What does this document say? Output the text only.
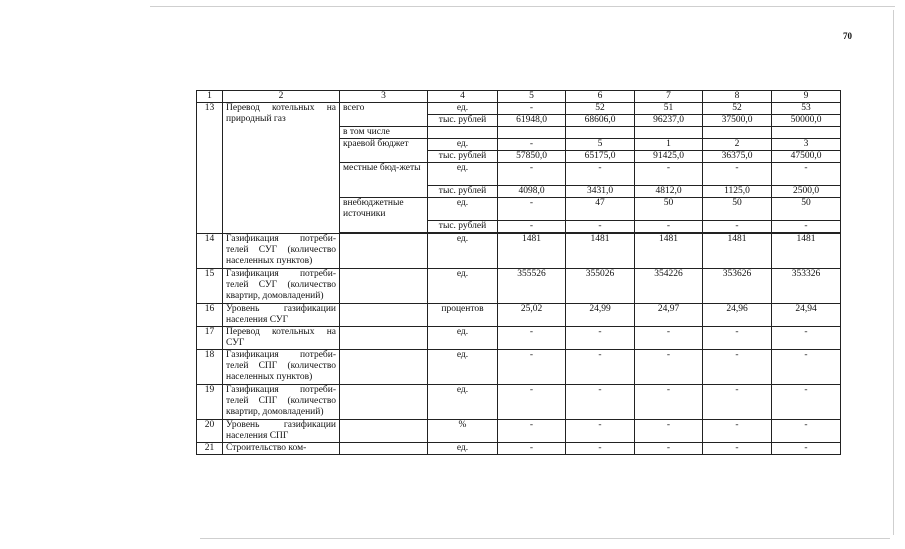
70
1	2	3	4	5	6	7	8	9
13	Перевод котельных на природный газ	всего	ед.	-	52	51	52	53
			тыс. рублей	61948,0	68606,0	96237,0	37500,0	50000,0
		в том числе						
		краевой бюджет	ед.	-	5	1	2	3
			тыс. рублей	57850,0	65175,0	91425,0	36375,0	47500,0
		местные бюд-жеты	ед.	-	-	-	-	-
			тыс. рублей	4098,0	3431,0	4812,0	1125,0	2500,0
		внебюджетные источники	ед.	-	47	50	50	50
			тыс. рублей	-	-	-	-	-

14	Газификация потреби-телей СУГ (количество населенных пунктов)		ед.	1481	1481	1481	1481	1481
15	Газификация потреби-телей СУГ (количество квартир, домовладений)		ед.	355526	355026	354226	353626	353326
16	Уровень газификации населения СУГ		процентов	25,02	24,99	24,97	24,96	24,94
17	Перевод котельных на СУГ		ед.	-	-	-	-	-
18	Газификация потреби-телей СПГ (количество населенных пунктов)		ед.	-	-	-	-	-
19	Газификация потреби-телей СПГ (количество квартир, домовладений)		ед.	-	-	-	-	-
20	Уровень газификации населения СПГ		%	-	-	-	-	-
21	Строительство ком-		ед.	-	-	-	-	-
